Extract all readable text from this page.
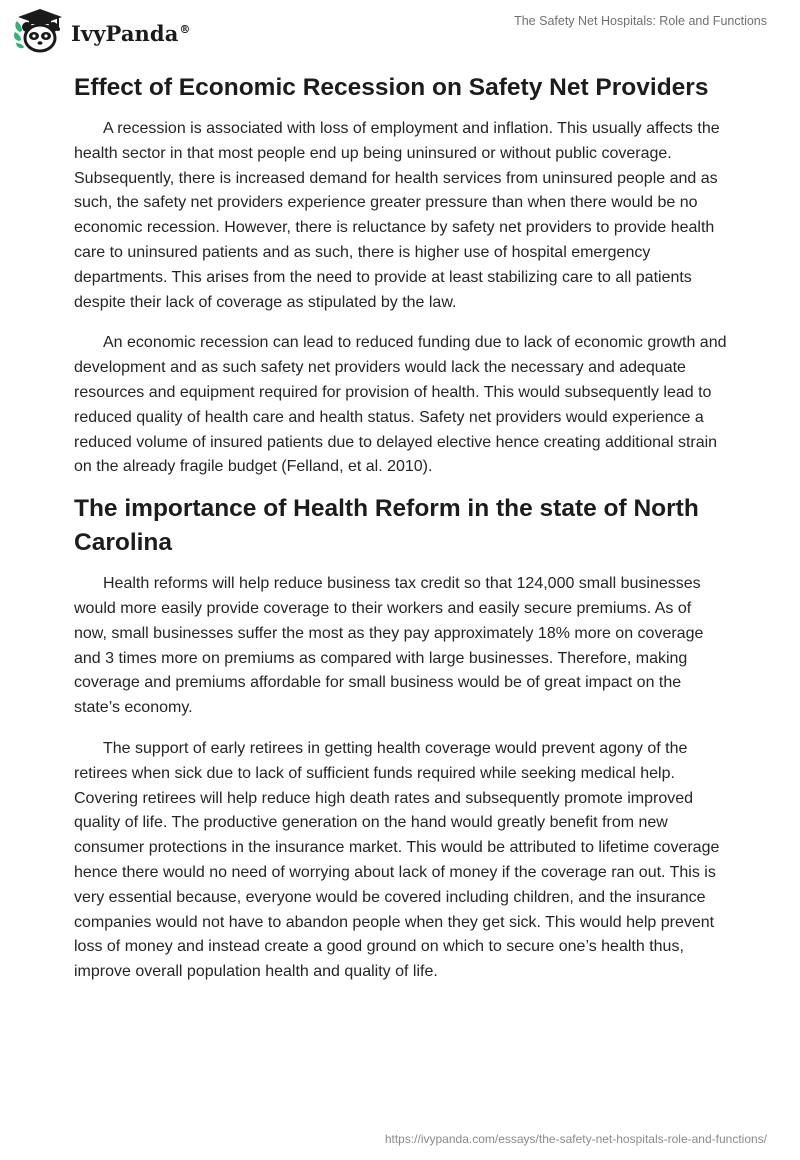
IvyPanda®
The Safety Net Hospitals: Role and Functions
Effect of Economic Recession on Safety Net Providers

A recession is associated with loss of employment and inflation. This usually affects the health sector in that most people end up being uninsured or without public coverage. Subsequently, there is increased demand for health services from uninsured people and as such, the safety net providers experience greater pressure than when there would be no economic recession. However, there is reluctance by safety net providers to provide health care to uninsured patients and as such, there is higher use of hospital emergency departments. This arises from the need to provide at least stabilizing care to all patients despite their lack of coverage as stipulated by the law.

An economic recession can lead to reduced funding due to lack of economic growth and development and as such safety net providers would lack the necessary and adequate resources and equipment required for provision of health. This would subsequently lead to reduced quality of health care and health status. Safety net providers would experience a reduced volume of insured patients due to delayed elective hence creating additional strain on the already fragile budget (Felland, et al. 2010).

The importance of Health Reform in the state of North Carolina

Health reforms will help reduce business tax credit so that 124,000 small businesses would more easily provide coverage to their workers and easily secure premiums. As of now, small businesses suffer the most as they pay approximately 18% more on coverage and 3 times more on premiums as compared with large businesses. Therefore, making coverage and premiums affordable for small business would be of great impact on the state’s economy.

The support of early retirees in getting health coverage would prevent agony of the retirees when sick due to lack of sufficient funds required while seeking medical help. Covering retirees will help reduce high death rates and subsequently promote improved quality of life. The productive generation on the hand would greatly benefit from new consumer protections in the insurance market. This would be attributed to lifetime coverage hence there would no need of worrying about lack of money if the coverage ran out. This is very essential because, everyone would be covered including children, and the insurance companies would not have to abandon people when they get sick. This would help prevent loss of money and instead create a good ground on which to secure one’s health thus, improve overall population health and quality of life.

https://ivypanda.com/essays/the-safety-net-hospitals-role-and-functions/
